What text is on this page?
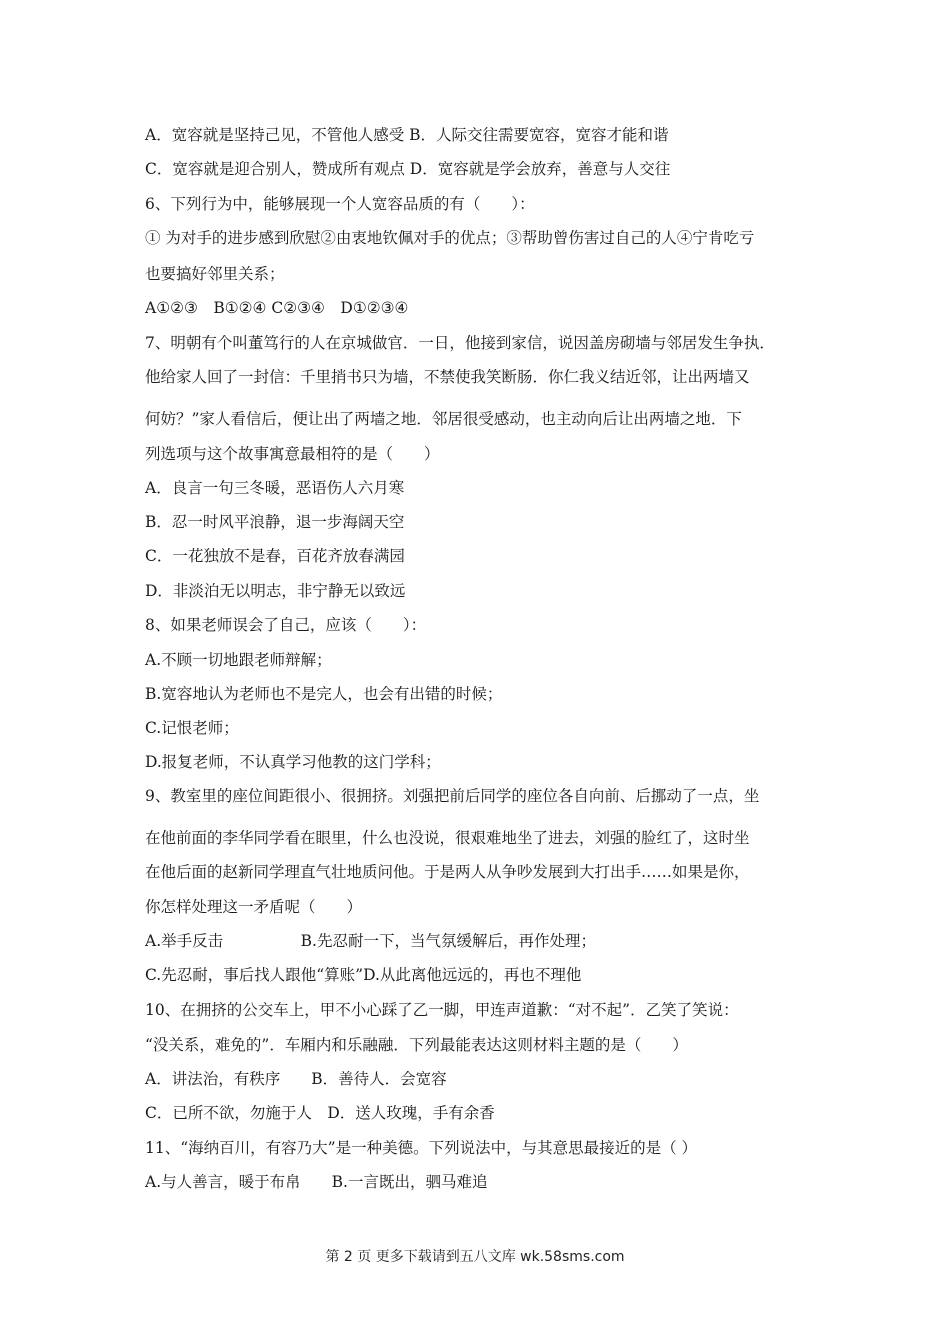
A．宽容就是坚持己见，不管他人感受 B．人际交往需要宽容，宽容才能和谐
C．宽容就是迎合别人，赞成所有观点 D．宽容就是学会放弃，善意与人交往
6、下列行为中，能够展现一个人宽容品质的有（　　）：
① 为对手的进步感到欣慰②由衷地钦佩对手的优点；③帮助曾伤害过自己的人④宁肯吃亏
也要搞好邻里关系；
A①②③　B①②④ C②③④　D①②③④
7、明朝有个叫董笃行的人在京城做官．一日，他接到家信，说因盖房砌墙与邻居发生争执．
他给家人回了一封信：千里捎书只为墙，不禁使我笑断肠．你仁我义结近邻，让出两墙又
何妨？”家人看信后，便让出了两墙之地．邻居很受感动，也主动向后让出两墙之地．下
列选项与这个故事寓意最相符的是（　　）
A．良言一句三冬暖，恶语伤人六月寒
B．忍一时风平浪静，退一步海阔天空
C．一花独放不是春，百花齐放春满园
D．非淡泊无以明志，非宁静无以致远
8、如果老师误会了自己，应该（　　）：
A.不顾一切地跟老师辩解；
B.宽容地认为老师也不是完人，也会有出错的时候；
C.记恨老师；
D.报复老师，不认真学习他教的这门学科；
9、教室里的座位间距很小、很拥挤。刘强把前后同学的座位各自向前、后挪动了一点，坐
在他前面的李华同学看在眼里，什么也没说，很艰难地坐了进去，刘强的脸红了，这时坐
在他后面的赵新同学理直气壮地质问他。于是两人从争吵发展到大打出手……如果是你，
你怎样处理这一矛盾呢（　　）
A.举手反击　　　　　B.先忍耐一下，当气氛缓解后，再作处理；
C.先忍耐，事后找人跟他“算账”D.从此离他远远的，再也不理他
10、在拥挤的公交车上，甲不小心踩了乙一脚，甲连声道歉：“对不起”．乙笑了笑说：
“没关系，难免的”．车厢内和乐融融．下列最能表达这则材料主题的是（　　）
A．讲法治，有秩序　　B．善待人．会宽容
C．已所不欲，勿施于人　D．送人玫瑰，手有余香
11、“海纳百川，有容乃大”是一种美德。下列说法中，与其意思最接近的是（ ）
A.与人善言，暖于布帛　　B.一言既出，驷马难追
第 2 页 更多下载请到五八文库 wk.58sms.com
